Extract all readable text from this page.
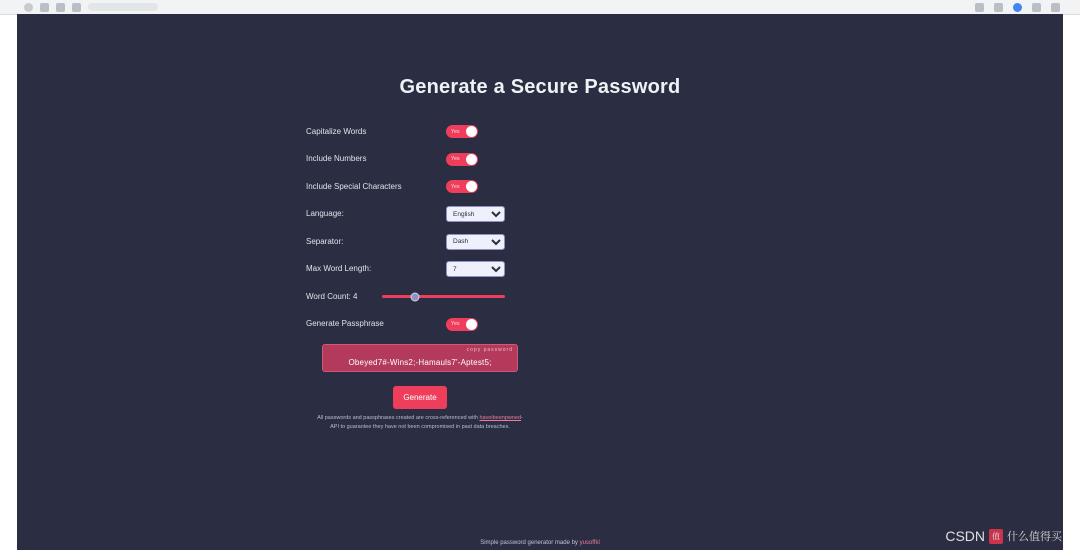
Generate a Secure Password
Capitalize Words	Yes
Include Numbers	Yes
Include Special Characters	Yes
Language:
English
Separator:
Dash
Max Word Length:
7
Word Count: 4
Generate Passphrase	Yes
copy password
Obeyed7#-Wins2;-Hamauls7'-Aptest5;
Generate
All passwords and passphrases created are cross-referenced with haveibeenpwned-API to guarantee they have not been compromised in past data breaches.
Simple password generator made by yusoffkl	CSDN 值 什么值得买
